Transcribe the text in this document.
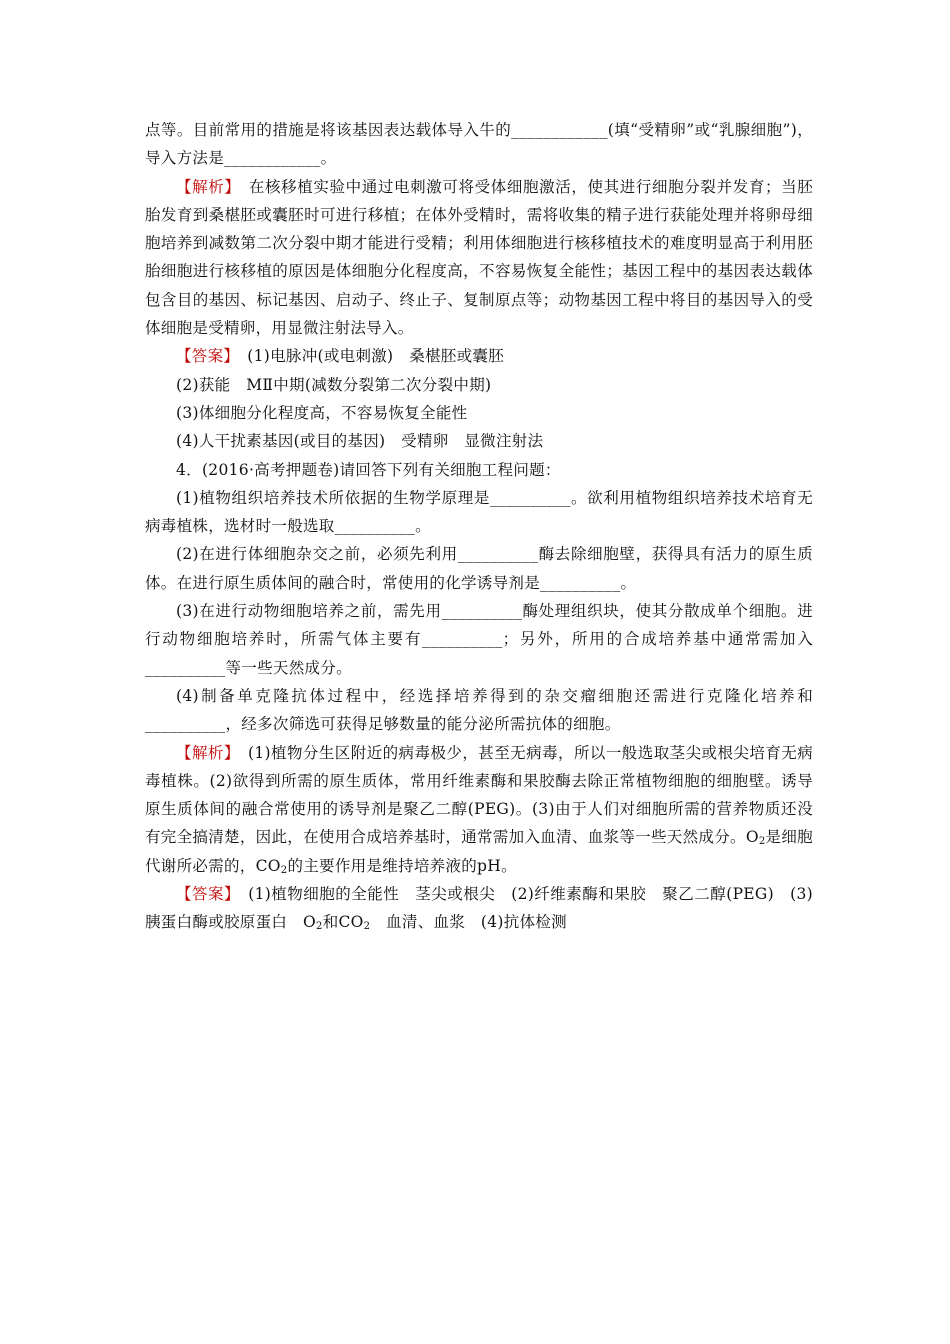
点等。目前常用的措施是将该基因表达载体导入牛的____________(填“受精卵”或“乳腺细胞”)，导入方法是____________。

【解析】　在核移植实验中通过电刺激可将受体细胞激活，使其进行细胞分裂并发育；当胚胎发育到桑椹胚或囊胚时可进行移植；在体外受精时，需将收集的精子进行获能处理并将卵母细胞培养到减数第二次分裂中期才能进行受精；利用体细胞进行核移植技术的难度明显高于利用胚胎细胞进行核移植的原因是体细胞分化程度高，不容易恢复全能性；基因工程中的基因表达载体包含目的基因、标记基因、启动子、终止子、复制原点等；动物基因工程中将目的基因导入的受体细胞是受精卵，用显微注射法导入。

【答案】　(1)电脉冲(或电刺激)　桑椹胚或囊胚

(2)获能　MⅡ中期(减数分裂第二次分裂中期)

(3)体细胞分化程度高，不容易恢复全能性

(4)人干扰素基因(或目的基因)　受精卵　显微注射法

4．(2016·高考押题卷)请回答下列有关细胞工程问题：

(1)植物组织培养技术所依据的生物学原理是__________。欲利用植物组织培养技术培育无病毒植株，选材时一般选取__________。

(2)在进行体细胞杂交之前，必须先利用__________酶去除细胞壁，获得具有活力的原生质体。在进行原生质体间的融合时，常使用的化学诱导剂是__________。

(3)在进行动物细胞培养之前，需先用__________酶处理组织块，使其分散成单个细胞。进行动物细胞培养时，所需气体主要有__________；另外，所用的合成培养基中通常需加入__________等一些天然成分。

(4)制备单克隆抗体过程中，经选择培养得到的杂交瘤细胞还需进行克隆化培养和__________，经多次筛选可获得足够数量的能分泌所需抗体的细胞。

【解析】　(1)植物分生区附近的病毒极少，甚至无病毒，所以一般选取茎尖或根尖培育无病毒植株。(2)欲得到所需的原生质体，常用纤维素酶和果胶酶去除正常植物细胞的细胞壁。诱导原生质体间的融合常使用的诱导剂是聚乙二醇(PEG)。(3)由于人们对细胞所需的营养物质还没有完全搞清楚，因此，在使用合成培养基时，通常需加入血清、血浆等一些天然成分。$O_2$是细胞代谢所必需的，$CO_2$的主要作用是维持培养液的pH。

【答案】　(1)植物细胞的全能性　茎尖或根尖　(2)纤维素酶和果胶　聚乙二醇(PEG)　(3)胰蛋白酶或胶原蛋白　$O_2$和$CO_2$　血清、血浆　(4)抗体检测
